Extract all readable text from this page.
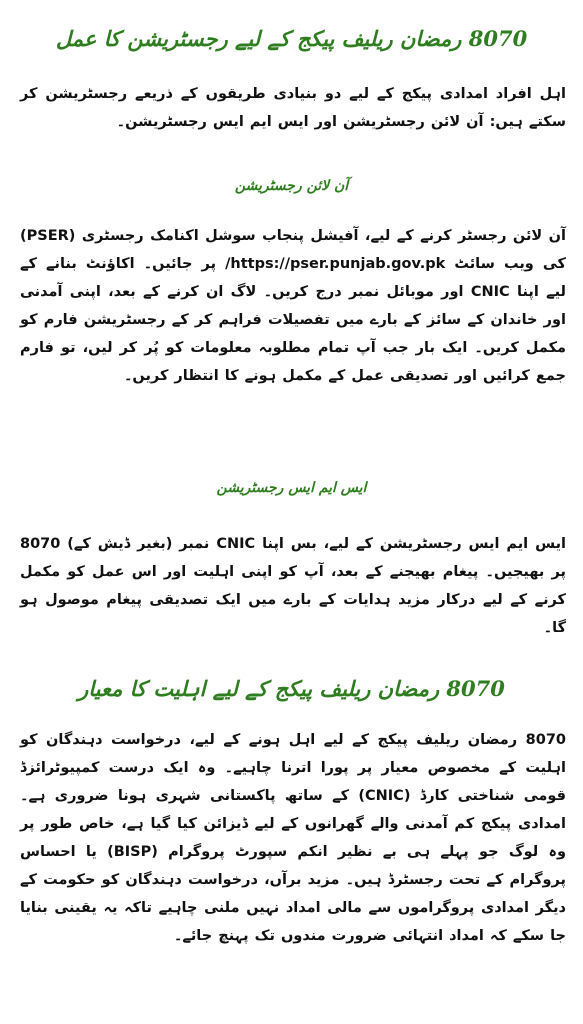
8070 رمضان ریلیف پیکج کے لیے رجسٹریشن کا عمل

اہل افراد امدادی پیکج کے لیے دو بنیادی طریقوں کے ذریعے رجسٹریشن کر سکتے ہیں: آن لائن رجسٹریشن اور ایس ایم ایس رجسٹریشن۔

آن لائن رجسٹریشن

آن لائن رجسٹر کرنے کے لیے، آفیشل پنجاب سوشل اکنامک رجسٹری (PSER) کی ویب سائٹ https://pser.punjab.gov.pk/ پر جائیں۔ اکاؤنٹ بنانے کے لیے اپنا CNIC اور موبائل نمبر درج کریں۔ لاگ ان کرنے کے بعد، اپنی آمدنی اور خاندان کے سائز کے بارے میں تفصیلات فراہم کر کے رجسٹریشن فارم کو مکمل کریں۔ ایک بار جب آپ تمام مطلوبہ معلومات کو پُر کر لیں، تو فارم جمع کرائیں اور تصدیقی عمل کے مکمل ہونے کا انتظار کریں۔

ایس ایم ایس رجسٹریشن

ایس ایم ایس رجسٹریشن کے لیے، بس اپنا CNIC نمبر (بغیر ڈیش کے) 8070 پر بھیجیں۔ پیغام بھیجنے کے بعد، آپ کو اپنی اہلیت اور اس عمل کو مکمل کرنے کے لیے درکار مزید ہدایات کے بارے میں ایک تصدیقی پیغام موصول ہو گا۔

8070 رمضان ریلیف پیکج کے لیے اہلیت کا معیار

8070 رمضان ریلیف پیکج کے لیے اہل ہونے کے لیے، درخواست دہندگان کو اہلیت کے مخصوص معیار پر پورا اترنا چاہیے۔ وہ ایک درست کمپیوٹرائزڈ قومی شناختی کارڈ (CNIC) کے ساتھ پاکستانی شہری ہونا ضروری ہے۔ امدادی پیکج کم آمدنی والے گھرانوں کے لیے ڈیزائن کیا گیا ہے، خاص طور پر وہ لوگ جو پہلے ہی بے نظیر انکم سپورٹ پروگرام (BISP) یا احساس پروگرام کے تحت رجسٹرڈ ہیں۔ مزید برآں، درخواست دہندگان کو حکومت کے دیگر امدادی پروگراموں سے مالی امداد نہیں ملنی چاہیے تاکہ یہ یقینی بنایا جا سکے کہ امداد انتہائی ضرورت مندوں تک پہنچ جائے۔
